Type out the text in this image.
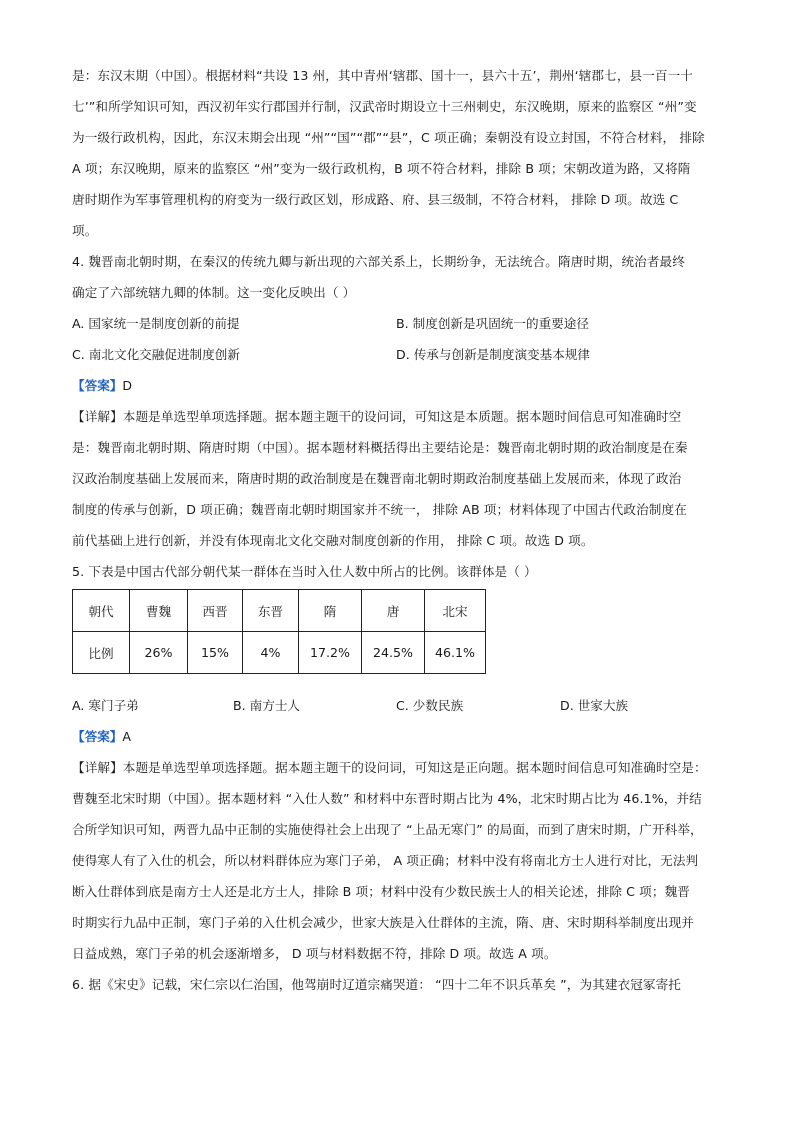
是：东汉末期（中国）。根据材料“共设 13 州，其中青州‘辖郡、国十一，县六十五’，荆州‘辖郡七，县一百一十

七’”和所学知识可知，西汉初年实行郡国并行制，汉武帝时期设立十三州刺史，东汉晚期，原来的监察区 “州”变

为一级行政机构，因此，东汉末期会出现 “州”“国”“郡”“县”，C 项正确；秦朝没有设立封国，不符合材料， 排除

A 项；东汉晚期，原来的监察区 “州”变为一级行政机构，B 项不符合材料，排除 B 项；宋朝改道为路，又将隋

唐时期作为军事管理机构的府变为一级行政区划，形成路、府、县三级制，不符合材料， 排除 D 项。故选 C

项。

4. 魏晋南北朝时期，在秦汉的传统九卿与新出现的六部关系上，长期纷争，无法统合。隋唐时期，统治者最终

确定了六部统辖九卿的体制。这一变化反映出（ ）

A. 国家统一是制度创新的前提	B. 制度创新是巩固统一的重要途径
C. 南北文化交融促进制度创新	D. 传承与创新是制度演变基本规律

【答案】D

【详解】本题是单选型单项选择题。据本题主题干的设问词，可知这是本质题。据本题时间信息可知准确时空

是：魏晋南北朝时期、隋唐时期（中国）。据本题材料概括得出主要结论是：魏晋南北朝时期的政治制度是在秦

汉政治制度基础上发展而来，隋唐时期的政治制度是在魏晋南北朝时期政治制度基础上发展而来，体现了政治

制度的传承与创新，D 项正确；魏晋南北朝时期国家并不统一， 排除 AB 项；材料体现了中国古代政治制度在

前代基础上进行创新，并没有体现南北文化交融对制度创新的作用， 排除 C 项。故选 D 项。

5. 下表是中国古代部分朝代某一群体在当时入仕人数中所占的比例。该群体是（ ）

朝代	曹魏	西晋	东晋	隋	唐	北宋
比例	26%	15%	4%	17.2%	24.5%	46.1%
A. 寒门子弟	B. 南方士人	C. 少数民族	D. 世家大族

【答案】A

【详解】本题是单选型单项选择题。据本题主题干的设问词，可知这是正向题。据本题时间信息可知准确时空是：

曹魏至北宋时期（中国）。据本题材料 “入仕人数” 和材料中东晋时期占比为 4%，北宋时期占比为 46.1%，并结

合所学知识可知，两晋九品中正制的实施使得社会上出现了 “上品无寒门” 的局面，而到了唐宋时期，广开科举，

使得寒人有了入仕的机会，所以材料群体应为寒门子弟， A 项正确；材料中没有将南北方士人进行对比，无法判

断入仕群体到底是南方士人还是北方士人，排除 B 项；材料中没有少数民族士人的相关论述，排除 C 项；魏晋

时期实行九品中正制，寒门子弟的入仕机会减少，世家大族是入仕群体的主流，隋、唐、宋时期科举制度出现并

日益成熟，寒门子弟的机会逐渐增多， D 项与材料数据不符，排除 D 项。故选 A 项。

6. 据《宋史》记载，宋仁宗以仁治国，他驾崩时辽道宗痛哭道： “四十二年不识兵革矣 ”，为其建衣冠冢寄托
